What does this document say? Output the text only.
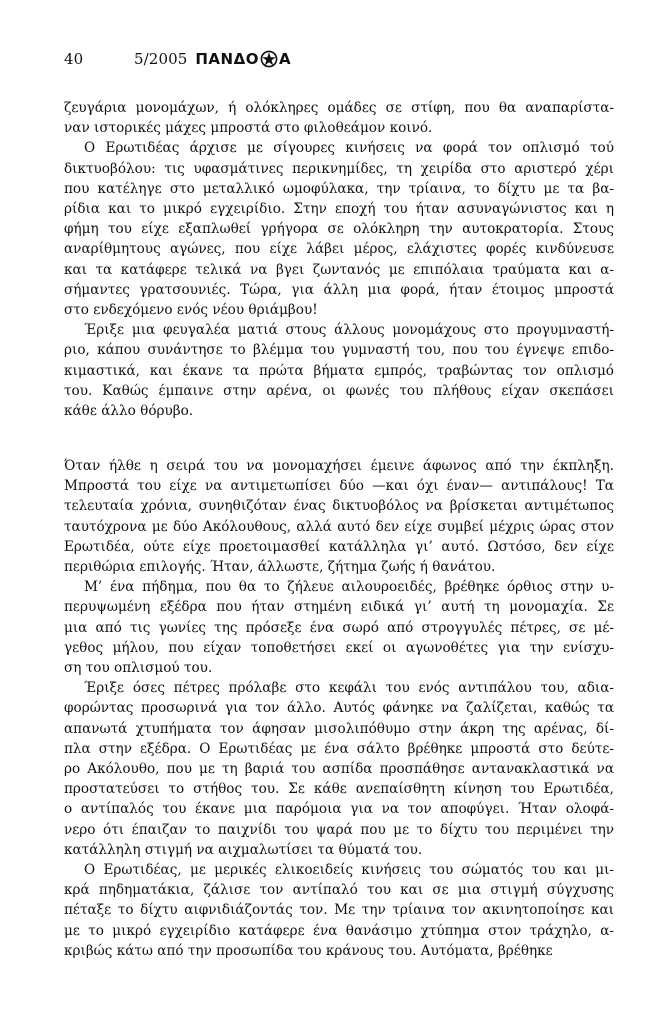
40	5/2005 ΠΑΝΔΟ Α

ζευγάρια μονομάχων, ή ολόκληρες ομάδες σε στίφη, που θα αναπαρίστα-
ναν ιστορικές μάχες μπροστά στο φιλοθεάμον κοινό.

Ο Ερωτιδέας άρχισε με σίγουρες κινήσεις να φορά τον οπλισμό τού
δικτυοβόλου: τις υφασμάτινες περικνημίδες, τη χειρίδα στο αριστερό χέρι
που κατέληγε στο μεταλλικό ωμοφύλακα, την τρίαινα, το δίχτυ με τα βα-
ρίδια και το μικρό εγχειρίδιο. Στην εποχή του ήταν ασυναγώνιστος και η
φήμη του είχε εξαπλωθεί γρήγορα σε ολόκληρη την αυτοκρατορία. Στους
αναρίθμητους αγώνες, που είχε λάβει μέρος, ελάχιστες φορές κινδύνευσε
και τα κατάφερε τελικά να βγει ζωντανός με επιπόλαια τραύματα και α-
σήμαντες γρατσουνιές. Τώρα, για άλλη μια φορά, ήταν έτοιμος μπροστά
στο ενδεχόμενο ενός νέου θριάμβου!

Έριξε μια φευγαλέα ματιά στους άλλους μονομάχους στο προγυμναστή-
ριο, κάπου συνάντησε το βλέμμα του γυμναστή του, που του έγνεψε επιδο-
κιμαστικά, και έκανε τα πρώτα βήματα εμπρός, τραβώντας τον οπλισμό
του. Καθώς έμπαινε στην αρένα, οι φωνές του πλήθους είχαν σκεπάσει
κάθε άλλο θόρυβο.

Όταν ήλθε η σειρά του να μονομαχήσει έμεινε άφωνος από την έκπληξη.
Μπροστά του είχε να αντιμετωπίσει δύο —και όχι έναν— αντιπάλους! Τα
τελευταία χρόνια, συνηθιζόταν ένας δικτυοβόλος να βρίσκεται αντιμέτωπος
ταυτόχρονα με δύο Ακόλουθους, αλλά αυτό δεν είχε συμβεί μέχρις ώρας στον
Ερωτιδέα, ούτε είχε προετοιμασθεί κατάλληλα γι’ αυτό. Ωστόσο, δεν είχε
περιθώρια επιλογής. Ήταν, άλλωστε, ζήτημα ζωής ή θανάτου.

Μ’ ένα πήδημα, που θα το ζήλευε αιλουροειδές, βρέθηκε όρθιος στην υ-
περυψωμένη εξέδρα που ήταν στημένη ειδικά γι’ αυτή τη μονομαχία. Σε
μια από τις γωνίες της πρόσεξε ένα σωρό από στρογγυλές πέτρες, σε μέ-
γεθος μήλου, που είχαν τοποθετήσει εκεί οι αγωνοθέτες για την ενίσχυ-
ση του οπλισμού του.

Έριξε όσες πέτρες πρόλαβε στο κεφάλι του ενός αντιπάλου του, αδια-
φορώντας προσωρινά για τον άλλο. Αυτός φάνηκε να ζαλίζεται, καθώς τα
απανωτά χτυπήματα τον άφησαν μισολιπόθυμο στην άκρη της αρένας, δί-
πλα στην εξέδρα. Ο Ερωτιδέας με ένα σάλτο βρέθηκε μπροστά στο δεύτε-
ρο Ακόλουθο, που με τη βαριά του ασπίδα προσπάθησε αντανακλαστικά να
προστατεύσει το στήθος του. Σε κάθε ανεπαίσθητη κίνηση του Ερωτιδέα,
ο αντίπαλός του έκανε μια παρόμοια για να τον αποφύγει. Ήταν ολοφά-
νερο ότι έπαιζαν το παιχνίδι του ψαρά που με το δίχτυ του περιμένει την
κατάλληλη στιγμή να αιχμαλωτίσει τα θύματά του.

Ο Ερωτιδέας, με μερικές ελικοειδείς κινήσεις του σώματός του και μι-
κρά πηδηματάκια, ζάλισε τον αντίπαλό του και σε μια στιγμή σύγχυσης
πέταξε το δίχτυ αιφνιδιάζοντάς τον. Με την τρίαινα τον ακινητοποίησε και
με το μικρό εγχειρίδιο κατάφερε ένα θανάσιμο χτύπημα στον τράχηλο, α-
κριβώς κάτω από την προσωπίδα του κράνους του. Αυτόματα, βρέθηκε
